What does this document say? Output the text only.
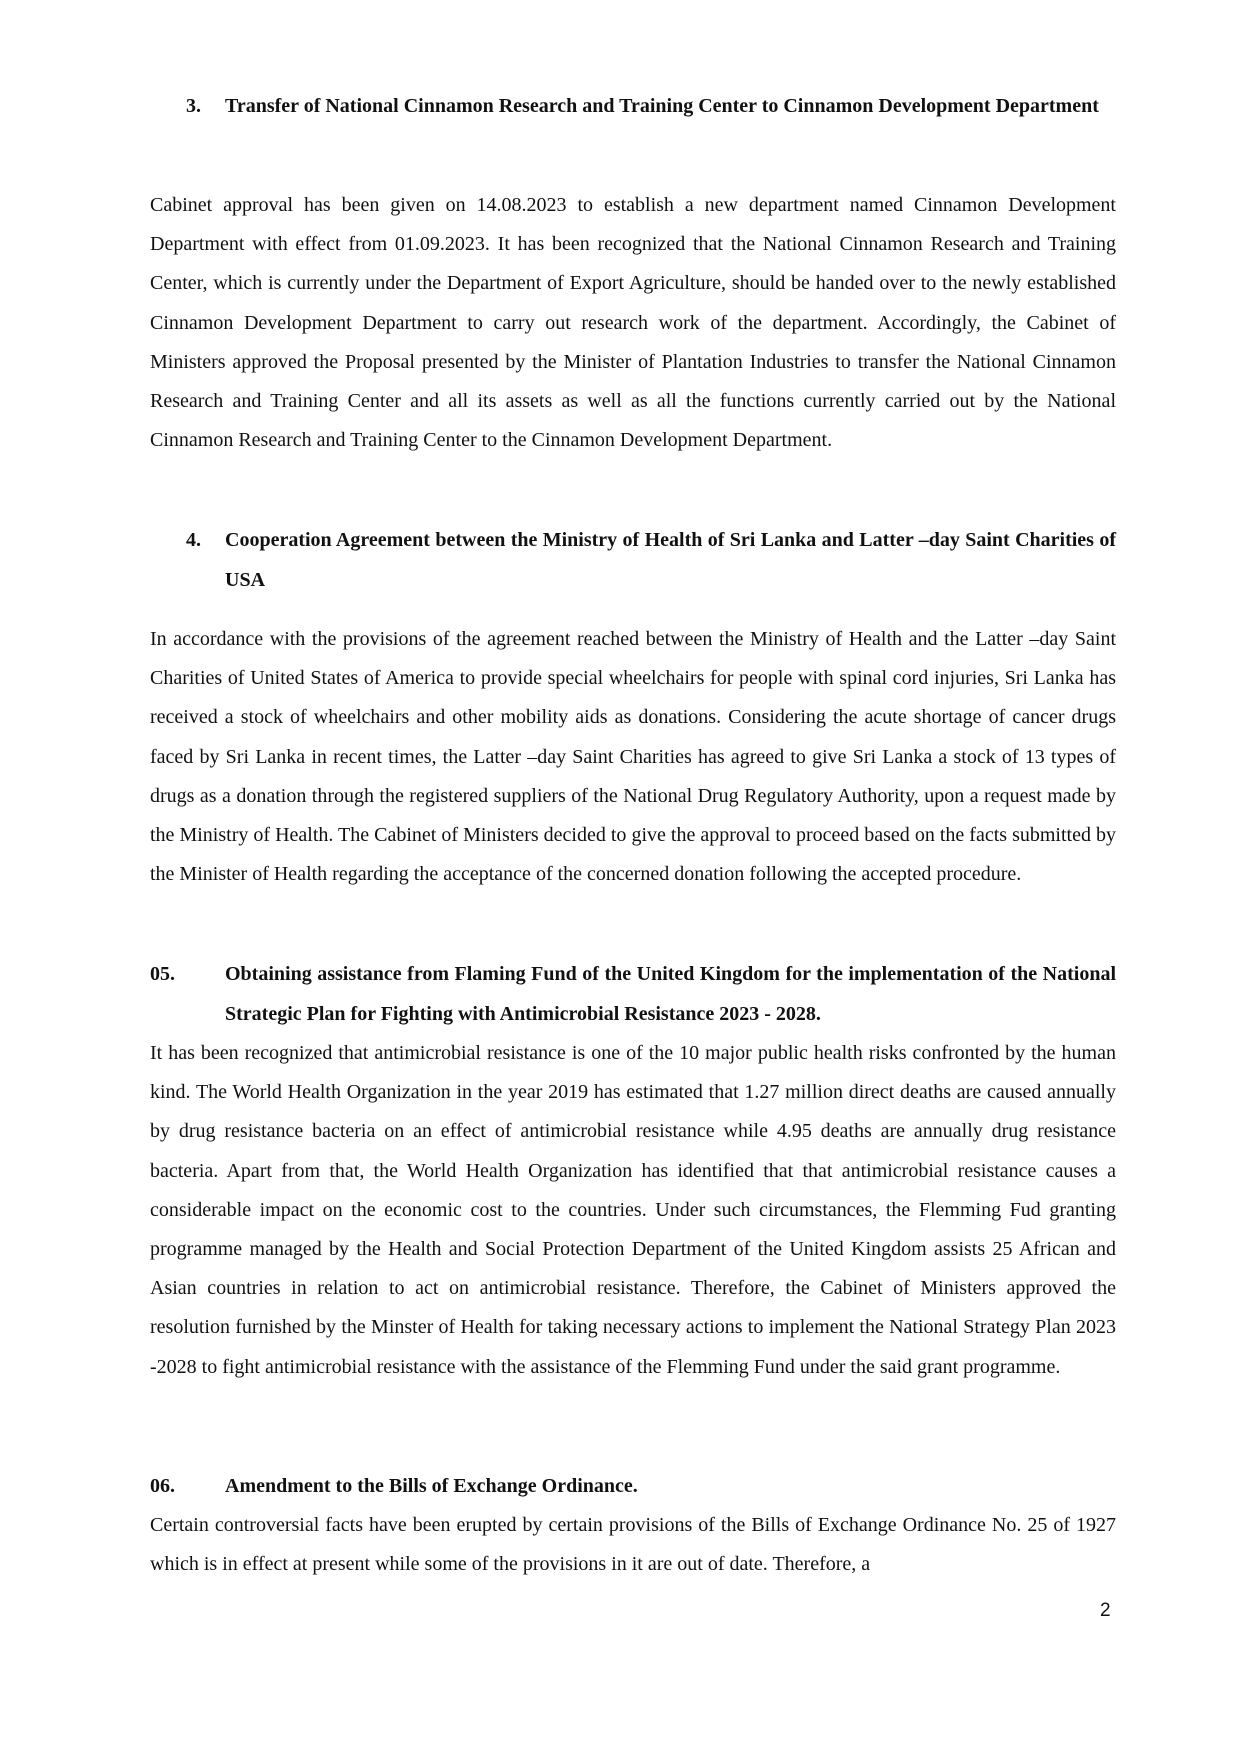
3. Transfer of National Cinnamon Research and Training Center to Cinnamon Development Department

Cabinet approval has been given on 14.08.2023 to establish a new department named Cinnamon Development Department with effect from 01.09.2023. It has been recognized that the National Cinnamon Research and Training Center, which is currently under the Department of Export Agriculture, should be handed over to the newly established Cinnamon Development Department to carry out research work of the department. Accordingly, the Cabinet of Ministers approved the Proposal presented by the Minister of Plantation Industries to transfer the National Cinnamon Research and Training Center and all its assets as well as all the functions currently carried out by the National Cinnamon Research and Training Center to the Cinnamon Development Department.

4. Cooperation Agreement between the Ministry of Health of Sri Lanka and Latter –day Saint Charities of USA

In accordance with the provisions of the agreement reached between the Ministry of Health and the Latter –day Saint Charities of United States of America to provide special wheelchairs for people with spinal cord injuries, Sri Lanka has received a stock of wheelchairs and other mobility aids as donations. Considering the acute shortage of cancer drugs faced by Sri Lanka in recent times, the Latter –day Saint Charities has agreed to give Sri Lanka a stock of 13 types of drugs as a donation through the registered suppliers of the National Drug Regulatory Authority, upon a request made by the Ministry of Health. The Cabinet of Ministers decided to give the approval to proceed based on the facts submitted by the Minister of Health regarding the acceptance of the concerned donation following the accepted procedure.

05.	Obtaining assistance from Flaming Fund of the United Kingdom for the implementation of the National Strategic Plan for Fighting with Antimicrobial Resistance 2023 - 2028.

It has been recognized that antimicrobial resistance is one of the 10 major public health risks confronted by the human kind. The World Health Organization in the year 2019 has estimated that 1.27 million direct deaths are caused annually by drug resistance bacteria on an effect of antimicrobial resistance while 4.95 deaths are annually drug resistance bacteria. Apart from that, the World Health Organization has identified that that antimicrobial resistance causes a considerable impact on the economic cost to the countries. Under such circumstances, the Flemming Fud granting programme managed by the Health and Social Protection Department of the United Kingdom assists 25 African and Asian countries in relation to act on antimicrobial resistance. Therefore, the Cabinet of Ministers approved the resolution furnished by the Minster of Health for taking necessary actions to implement the National Strategy Plan 2023 -2028 to fight antimicrobial resistance with the assistance of the Flemming Fund under the said grant programme.

06.	Amendment to the Bills of Exchange Ordinance.

Certain controversial facts have been erupted by certain provisions of the Bills of Exchange Ordinance No. 25 of 1927 which is in effect at present while some of the provisions in it are out of date. Therefore, a

2
